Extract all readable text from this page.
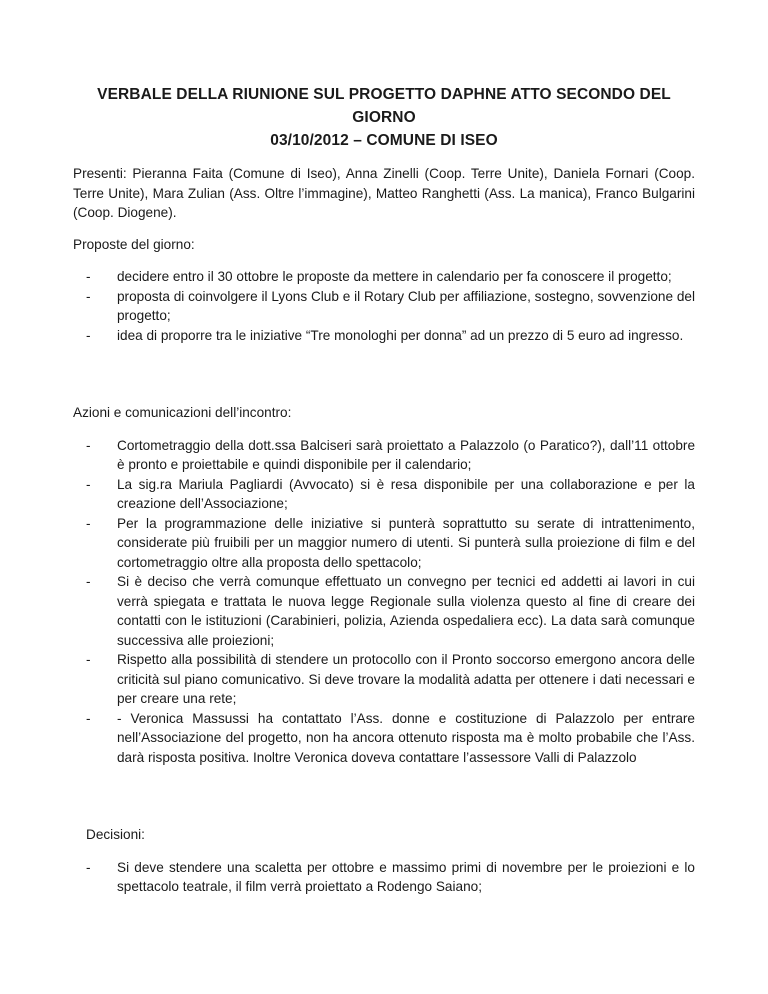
VERBALE DELLA RIUNIONE SUL PROGETTO DAPHNE ATTO SECONDO DEL GIORNO
03/10/2012 – COMUNE DI ISEO

Presenti: Pieranna Faita (Comune di Iseo), Anna Zinelli (Coop. Terre Unite), Daniela Fornari (Coop. Terre Unite), Mara Zulian (Ass. Oltre l’immagine), Matteo Ranghetti (Ass. La manica), Franco Bulgarini (Coop. Diogene).

Proposte del giorno:

- decidere entro il 30 ottobre le proposte da mettere in calendario per fa conoscere il progetto;
- proposta di coinvolgere il Lyons Club e il Rotary Club per affiliazione, sostegno, sovvenzione del progetto;
- idea di proporre tra le iniziative “Tre monologhi per donna” ad un prezzo di 5 euro ad ingresso.

Azioni e comunicazioni dell’incontro:

- Cortometraggio della dott.ssa Balciseri sarà proiettato a Palazzolo (o Paratico?), dall’11 ottobre è pronto e proiettabile e quindi disponibile per il calendario;
- La sig.ra Mariula Pagliardi (Avvocato) si è resa disponibile per una collaborazione e per la creazione dell’Associazione;
- Per la programmazione delle iniziative si punterà soprattutto su serate di intrattenimento, considerate più fruibili per un maggior numero di utenti. Si punterà sulla proiezione di film e del cortometraggio oltre alla proposta dello spettacolo;
- Si è deciso che verrà comunque effettuato un convegno per tecnici ed addetti ai lavori in cui verrà spiegata e trattata le nuova legge Regionale sulla violenza questo al fine di creare dei contatti con le istituzioni (Carabinieri, polizia, Azienda ospedaliera ecc). La data sarà comunque successiva alle proiezioni;
- Rispetto alla possibilità di stendere un protocollo con il Pronto soccorso emergono ancora delle criticità sul piano comunicativo. Si deve trovare la modalità adatta per ottenere i dati necessari e per creare una rete;
- - Veronica Massussi ha contattato l’Ass. donne e costituzione di Palazzolo per entrare nell’Associazione del progetto, non ha ancora ottenuto risposta ma è molto probabile che l’Ass. darà risposta positiva. Inoltre Veronica doveva contattare l’assessore Valli di Palazzolo

Decisioni:

- Si deve stendere una scaletta per ottobre e massimo primi di novembre per le proiezioni e lo spettacolo teatrale, il film verrà proiettato a Rodengo Saiano;
